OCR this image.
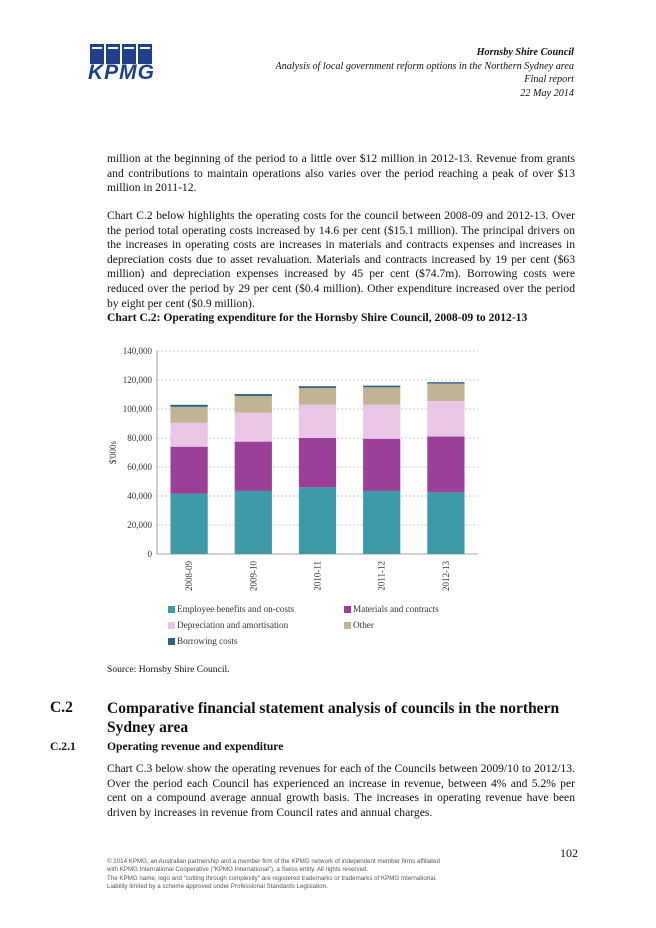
KPMG
Hornsby Shire Council
Analysis of local government reform options in the Northern Sydney area
Final report
22 May 2014

million at the beginning of the period to a little over $12 million in 2012-13. Revenue from grants and contributions to maintain operations also varies over the period reaching a peak of over $13 million in 2011-12.

Chart C.2 below highlights the operating costs for the council between 2008-09 and 2012-13. Over the period total operating costs increased by 14.6 per cent ($15.1 million). The principal drivers on the increases in operating costs are increases in materials and contracts expenses and increases in depreciation costs due to asset revaluation. Materials and contracts increased by 19 per cent ($63 million) and depreciation expenses increased by 45 per cent ($74.7m). Borrowing costs were reduced over the period by 29 per cent ($0.4 million). Other expenditure increased over the period by eight per cent ($0.9 million).

Chart C.2: Operating expenditure for the Hornsby Shire Council, 2008-09 to 2012-13

0
20,000
40,000
60,000
80,000
100,000
120,000
140,000
$'000s
2008-09	2009-10	2010-11	2011-12	2012-13
Employee benefits and on-costs	Materials and contracts
Depreciation and amortisation	Other
Borrowing costs

Source: Hornsby Shire Council.

C.2 Comparative financial statement analysis of councils in the northern Sydney area

C.2.1	Operating revenue and expenditure

Chart C.3 below show the operating revenues for each of the Councils between 2009/10 to 2012/13. Over the period each Council has experienced an increase in revenue, between 4% and 5.2% per cent on a compound average annual growth basis. The increases in operating revenue have been driven by increases in revenue from Council rates and annual charges.

102

© 2014 KPMG, an Australian partnership and a member firm of the KPMG network of independent member firms affiliated

with KPMG International Cooperative ("KPMG International"), a Swiss entity. All rights reserved.

The KPMG name, logo and "cutting through complexity" are registered trademarks or trademarks of KPMG International.

Liability limited by a scheme approved under Professional Standards Legislation.
